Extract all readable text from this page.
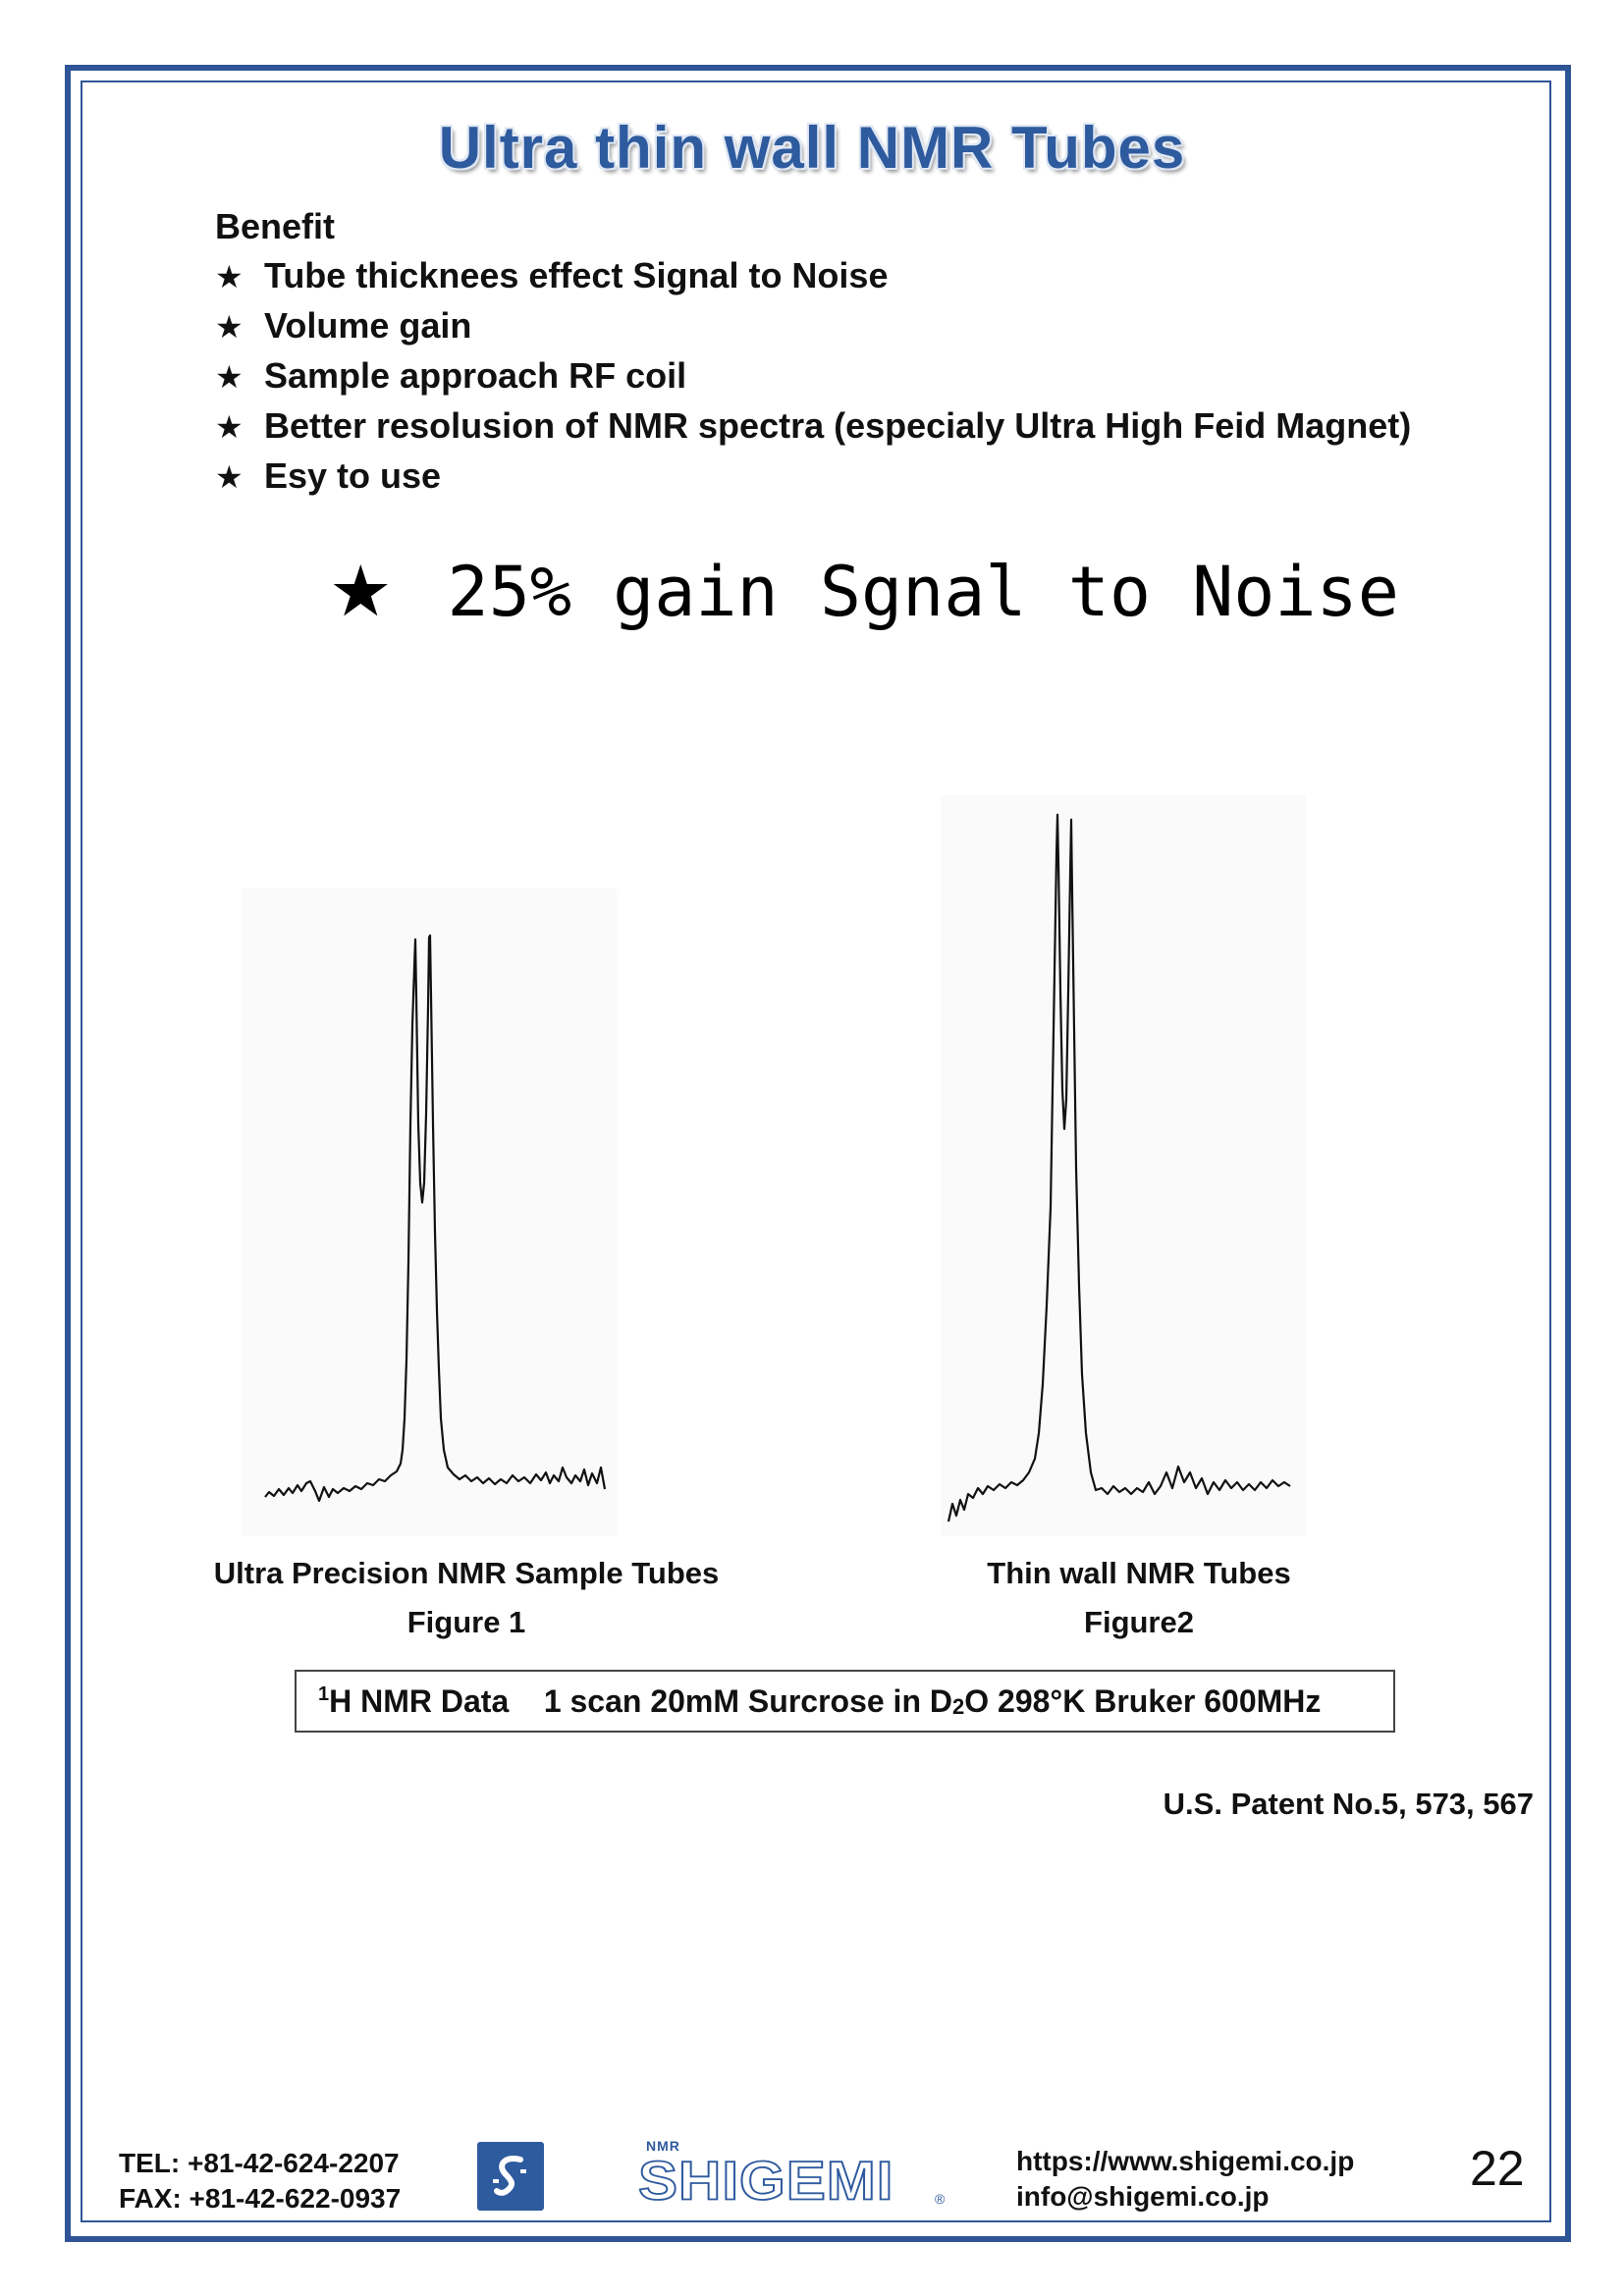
Ultra thin wall NMR Tubes
Benefit
★ Tube thicknees effect Signal to Noise
★ Volume gain
★ Sample approach RF coil
★ Better resolusion of NMR spectra (especialy Ultra High Feid Magnet)
★ Esy to use
★ 25% gain Sgnal to Noise
Ultra Precision NMR Sample Tubes
Figure 1
Thin wall NMR Tubes
Figure2
$^1$H NMR Data    1 scan 20mM Surcrose in $D_2O$ 298°K Bruker 600MHz
U.S. Patent No.5, 573, 567
TEL: +81-42-624-2207
FAX: +81-42-622-0937
NMR
SHIGEMI	®
https://www.shigemi.co.jp
info@shigemi.co.jp
22
